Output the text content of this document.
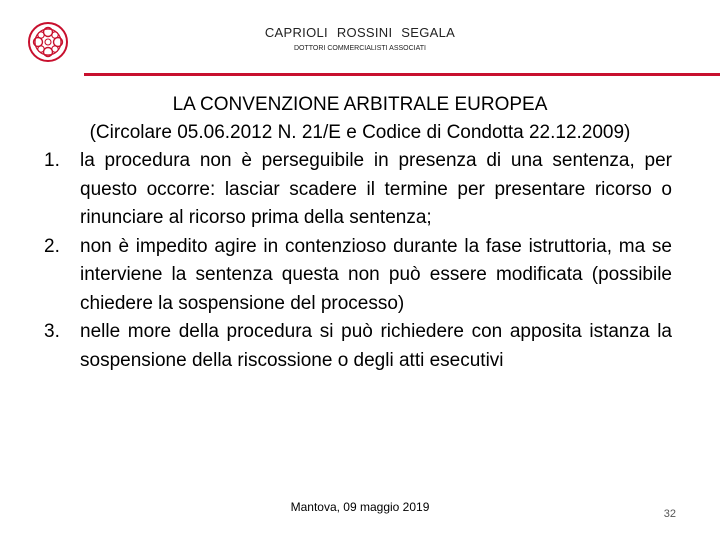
CAPRIOLI ROSSINI SEGALA
DOTTORI COMMERCIALISTI ASSOCIATI
LA CONVENZIONE ARBITRALE EUROPEA
(Circolare 05.06.2012 N. 21/E e Codice di Condotta 22.12.2009)
1.	la procedura non è perseguibile in presenza di una sentenza, per questo occorre: lasciar scadere il termine per presentare ricorso o rinunciare al ricorso prima della sentenza;
2.	non è impedito agire in contenzioso durante la fase istruttoria, ma se interviene la sentenza questa non può essere modificata (possibile chiedere la sospensione del processo)
3.	nelle more della procedura si può richiedere con apposita istanza la sospensione della riscossione o degli atti esecutivi
Mantova, 09 maggio 2019	32
